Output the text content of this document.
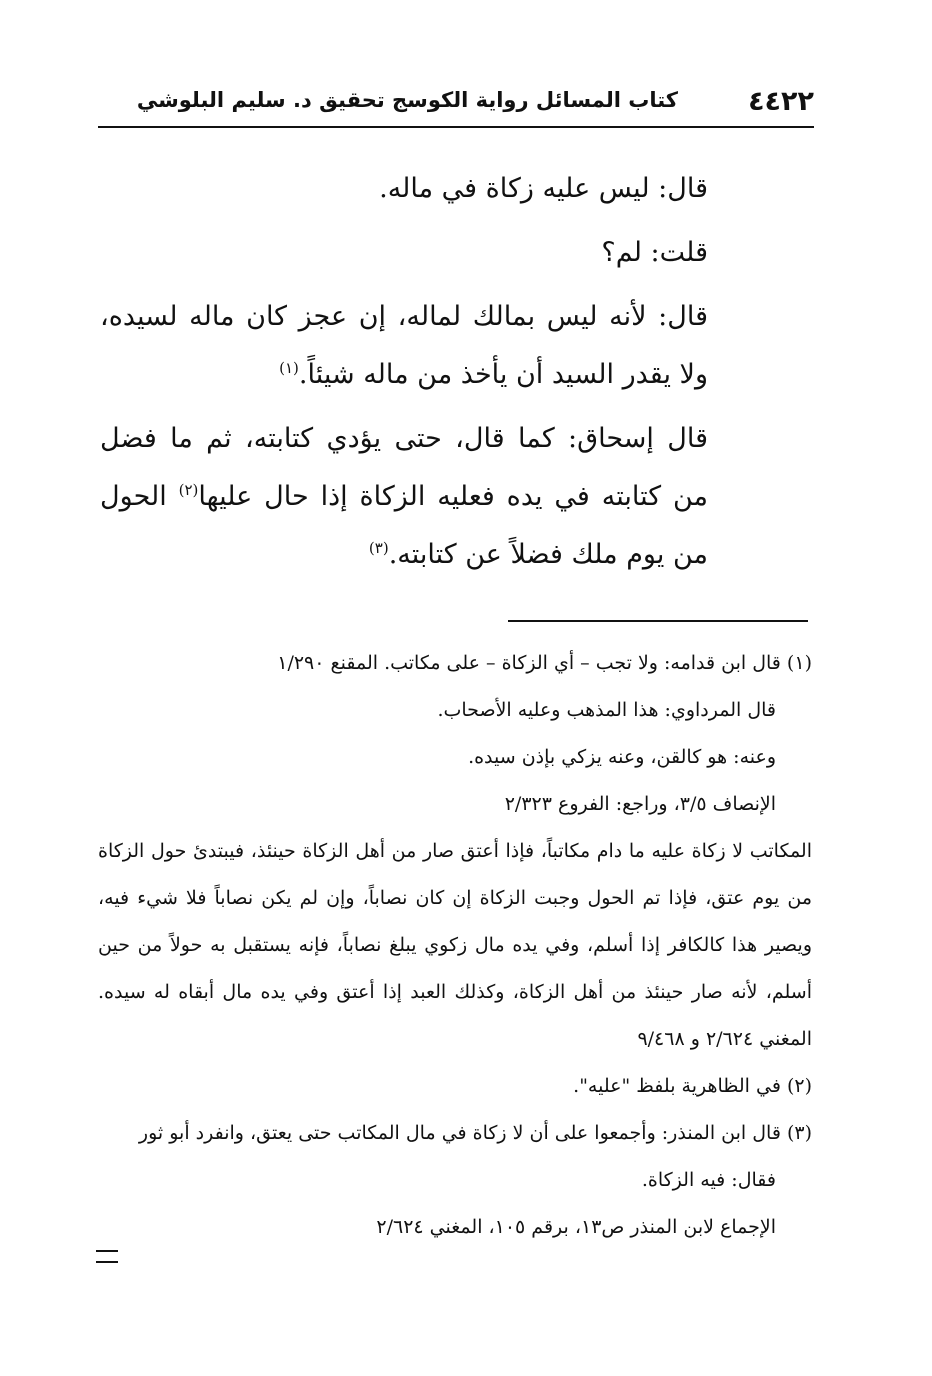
٤٤٢٢
كتاب المسائل رواية الكوسج تحقيق د. سليم البلوشي

قال: ليس عليه زكاة في ماله.

قلت: لم؟

قال: لأنه ليس بمالك لماله، إن عجز كان ماله لسيده، ولا يقدر السيد أن يأخذ من ماله شيئاً.$^{(١)}$

قال إسحاق: كما قال، حتى يؤدي كتابته، ثم ما فضل من كتابته في يده فعليه الزكاة إذا حال عليها$^{(٢)}$ الحول من يوم ملك فضلاً عن كتابته.$^{(٣)}$

(١) قال ابن قدامه: ولا تجب – أي الزكاة – على مكاتب. المقنع ١/٢٩٠

قال المرداوي: هذا المذهب وعليه الأصحاب.

وعنه: هو كالقن، وعنه يزكي بإذن سيده.

الإنصاف ٣/٥، وراجع: الفروع ٢/٣٢٣

المكاتب لا زكاة عليه ما دام مكاتباً، فإذا أعتق صار من أهل الزكاة حينئذ، فيبتدئ حول الزكاة من يوم عتق، فإذا تم الحول وجبت الزكاة إن كان نصاباً، وإن لم يكن نصاباً فلا شيء فيه، ويصير هذا كالكافر إذا أسلم، وفي يده مال زكوي يبلغ نصاباً، فإنه يستقبل به حولاً من حين أسلم، لأنه صار حينئذ من أهل الزكاة، وكذلك العبد إذا أعتق وفي يده مال أبقاه له سيده. المغني ٢/٦٢٤ و ٩/٤٦٨

(٢) في الظاهرية بلفظ "عليه".

(٣) قال ابن المنذر: وأجمعوا على أن لا زكاة في مال المكاتب حتى يعتق، وانفرد أبو ثور

فقال: فيه الزكاة.

الإجماع لابن المنذر ص١٣، برقم ١٠٥، المغني ٢/٦٢٤
